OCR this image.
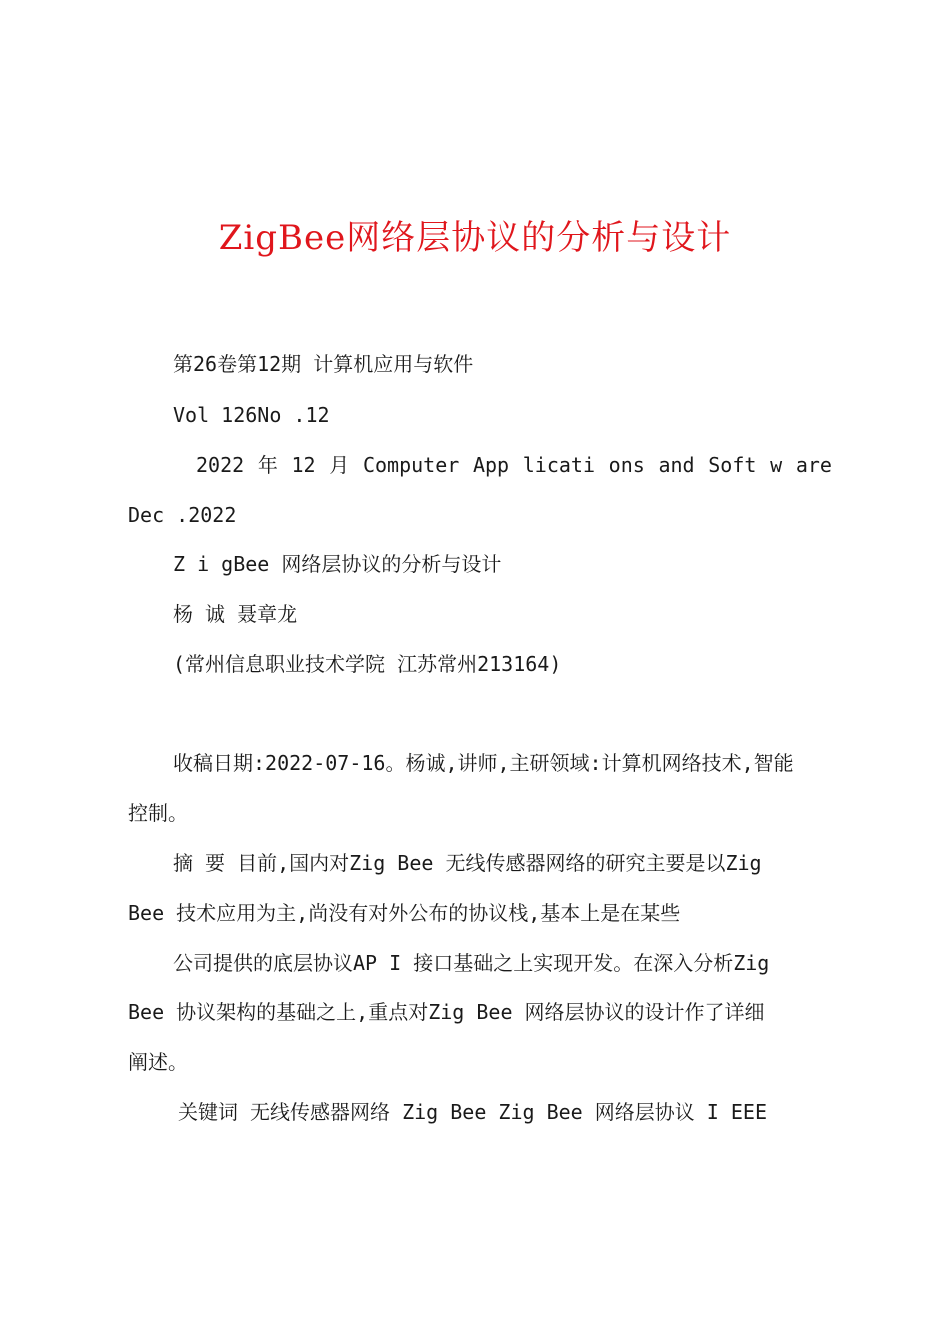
ZigBee网络层协议的分析与设计
第26卷第12期 计算机应用与软件
Vol 126No .12
2022 年 12 月 Computer App licati ons and Soft w are
Dec .2022
Z i gBee 网络层协议的分析与设计
杨 诚 聂章龙
(常州信息职业技术学院 江苏常州213164)
收稿日期:2022-07-16。杨诚,讲师,主研领域:计算机网络技术,智能
控制。
摘 要 目前,国内对Zig Bee 无线传感器网络的研究主要是以Zig
Bee 技术应用为主,尚没有对外公布的协议栈,基本上是在某些
公司提供的底层协议AP I 接口基础之上实现开发。在深入分析Zig
Bee 协议架构的基础之上,重点对Zig Bee 网络层协议的设计作了详细
阐述。
关键词 无线传感器网络 Zig Bee Zig Bee 网络层协议 I EEE
